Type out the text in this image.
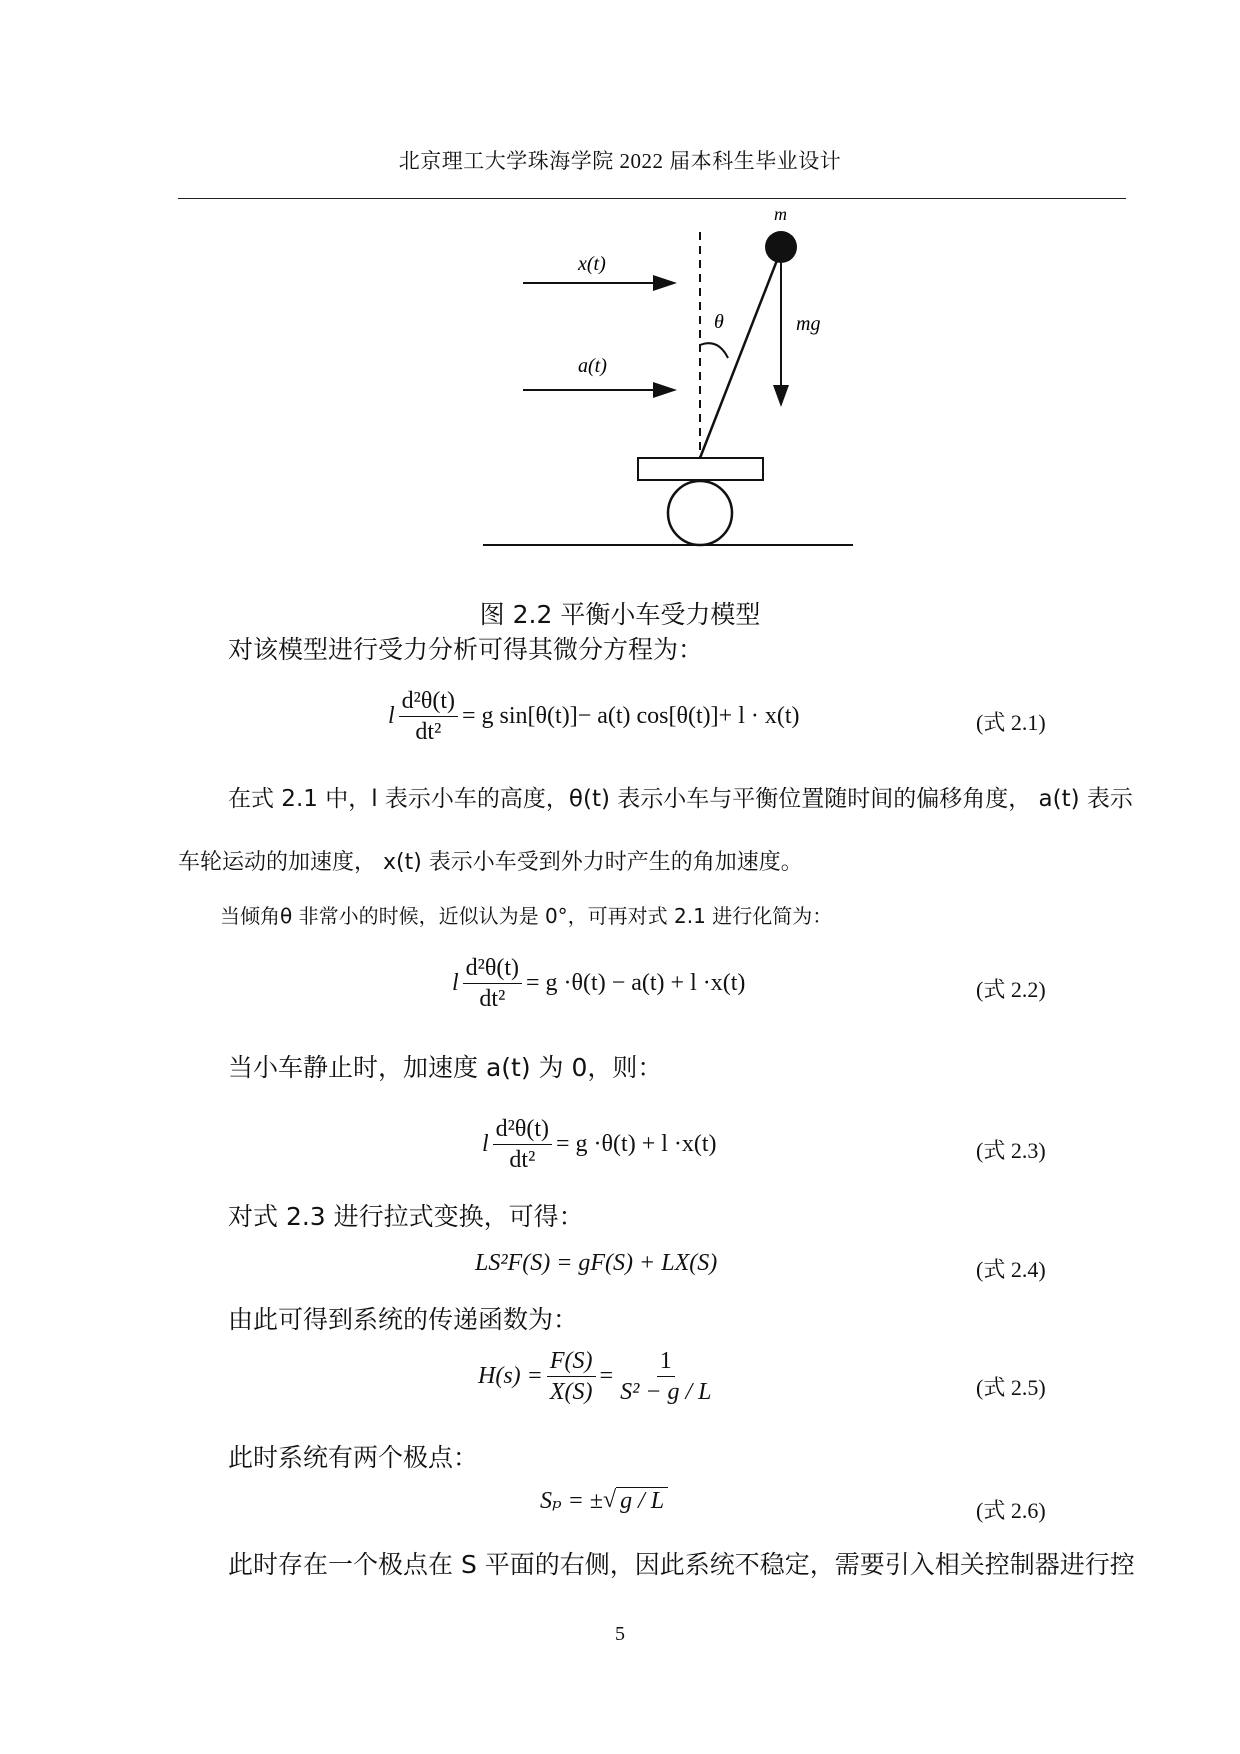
北京理工大学珠海学院 2022 届本科生毕业设计
x(t)
a(t)
θ
m
mg
图 2.2 平衡小车受力模型
对该模型进行受力分析可得其微分方程为：
l $\frac{\text{d²θ(t)}}{\text{dt²}} = g$ sin[θ(t)]− a(t) cos[θ(t)]+ l · x(t)	(式 2.1)
在式 2.1 中，l 表示小车的高度，θ(t) 表示小车与平衡位置随时间的偏移角度， a(t) 表示
车轮运动的加速度， x(t) 表示小车受到外力时产生的角加速度。
当倾角θ 非常小的时候，近似认为是 0°，可再对式 2.1 进行化简为：
l $\frac{\text{d²θ(t)}}{\text{dt²}} = g \cdot\theta(t) - a(t) + l \cdot x(t)$	(式 2.2)
当小车静止时，加速度 a(t) 为 0，则：
l $\frac{\text{d²θ(t)}}{\text{dt²}} = g \cdot\theta(t) + l \cdot x(t)$	(式 2.3)
对式 2.3 进行拉式变换，可得：
LS²F(S) = gF(S) + LX(S)	(式 2.4)
由此可得到系统的传递函数为：
$H(s) = \frac{F(S)}{X(S)} = \frac{1}{\text{S² − g / L}}$	(式 2.5)
此时系统有两个极点：
Sₚ = ± √ g / L	(式 2.6)
此时存在一个极点在 S 平面的右侧，因此系统不稳定，需要引入相关控制器进行控
5
